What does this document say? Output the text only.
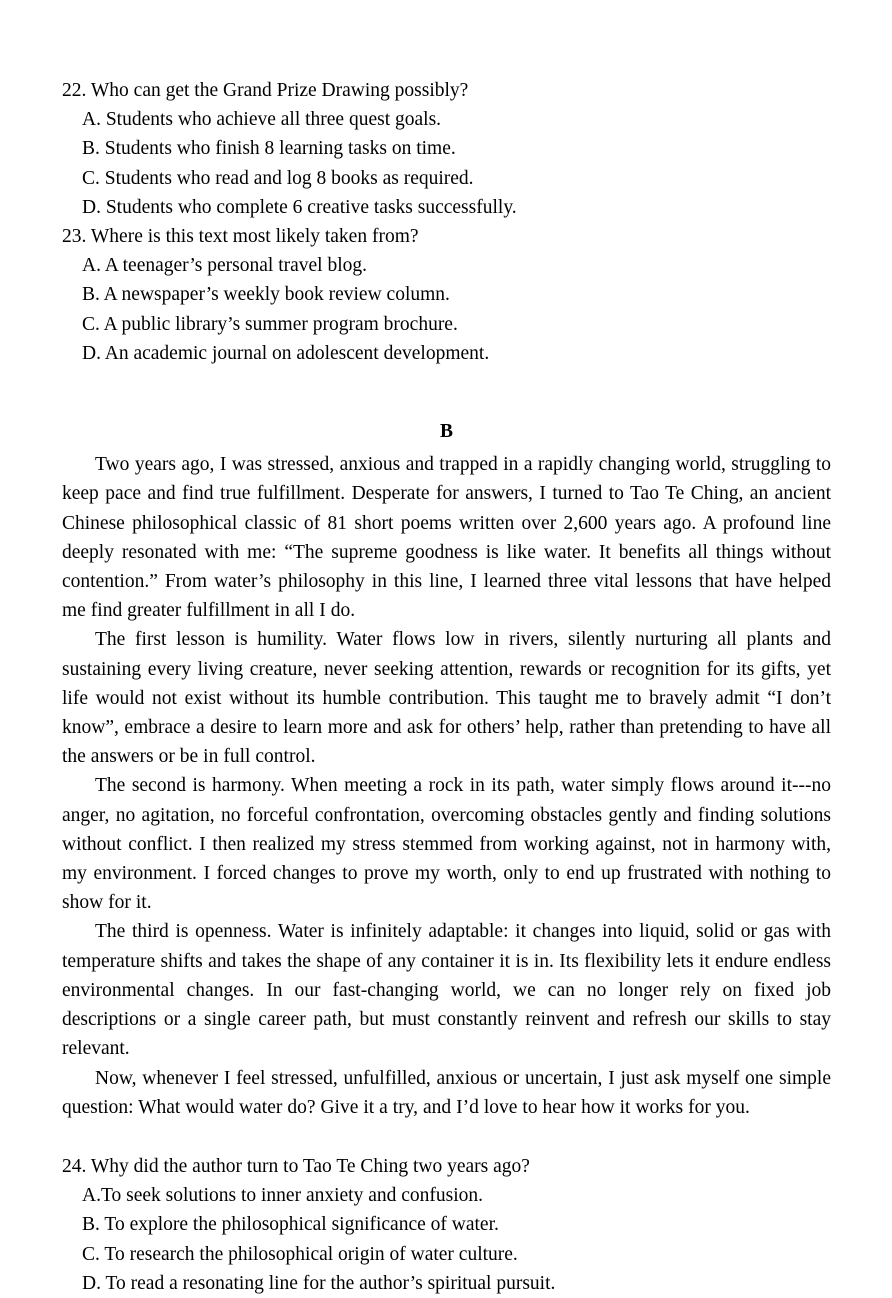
22. Who can get the Grand Prize Drawing possibly?

A. Students who achieve all three quest goals.
B. Students who finish 8 learning tasks on time.
C. Students who read and log 8 books as required.
D. Students who complete 6 creative tasks successfully.

23. Where is this text most likely taken from?

A. A teenager’s personal travel blog.
B. A newspaper’s weekly book review column.
C. A public library’s summer program brochure.
D. An academic journal on adolescent development.
B

Two years ago, I was stressed, anxious and trapped in a rapidly changing world, struggling to keep pace and find true fulfillment. Desperate for answers, I turned to Tao Te Ching, an ancient Chinese philosophical classic of 81 short poems written over 2,600 years ago. A profound line deeply resonated with me: “The supreme goodness is like water. It benefits all things without contention.” From water’s philosophy in this line, I learned three vital lessons that have helped me find greater fulfillment in all I do.

The first lesson is humility. Water flows low in rivers, silently nurturing all plants and sustaining every living creature, never seeking attention, rewards or recognition for its gifts, yet life would not exist without its humble contribution. This taught me to bravely admit “I don’t know”, embrace a desire to learn more and ask for others’ help, rather than pretending to have all the answers or be in full control.

The second is harmony. When meeting a rock in its path, water simply flows around it---no anger, no agitation, no forceful confrontation, overcoming obstacles gently and finding solutions without conflict. I then realized my stress stemmed from working against, not in harmony with, my environment. I forced changes to prove my worth, only to end up frustrated with nothing to show for it.

The third is openness. Water is infinitely adaptable: it changes into liquid, solid or gas with temperature shifts and takes the shape of any container it is in. Its flexibility lets it endure endless environmental changes. In our fast-changing world, we can no longer rely on fixed job descriptions or a single career path, but must constantly reinvent and refresh our skills to stay relevant.

Now, whenever I feel stressed, unfulfilled, anxious or uncertain, I just ask myself one simple question: What would water do? Give it a try, and I’d love to hear how it works for you.

24. Why did the author turn to Tao Te Ching two years ago?

A.To seek solutions to inner anxiety and confusion.
B. To explore the philosophical significance of water.
C. To research the philosophical origin of water culture.
D. To read a resonating line for the author’s spiritual pursuit.
